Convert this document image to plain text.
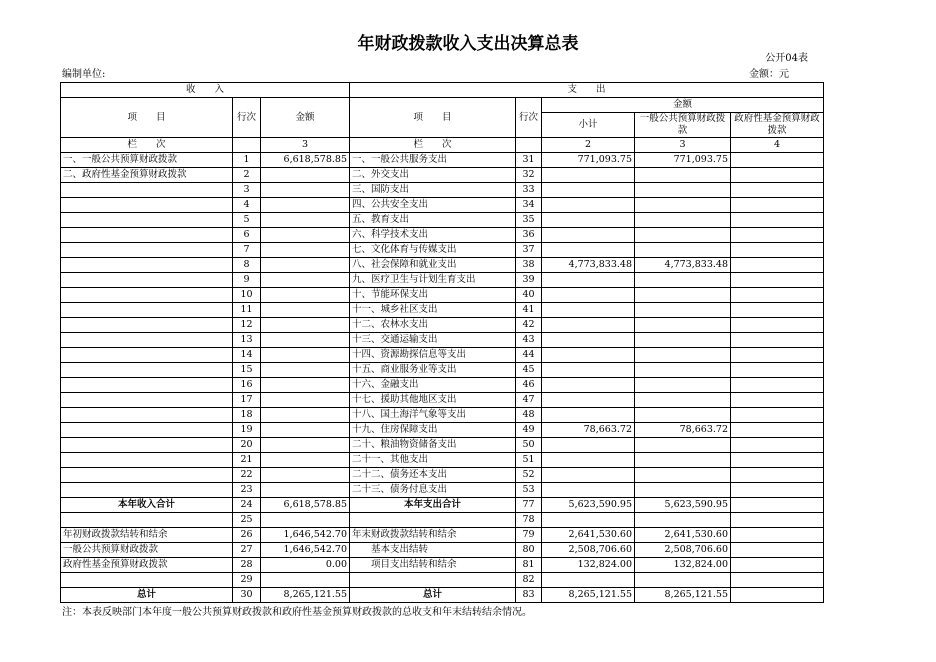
年财政拨款收入支出决算总表
公开04表
编制单位:	金额：元
收　　入			支　　出				
项　　目	行次	金额	项　　目	行次	金额		
					小计	一般公共预算财政拨款	政府性基金预算财政拨款

栏　　次		3	栏　　次		2	3	4
一、一般公共预算财政拨款	1	6,618,578.85	一、一般公共服务支出	31	771,093.75	771,093.75	
二、政府性基金预算财政拨款	2		二、外交支出	32			
	3		三、国防支出	33			
	4		四、公共安全支出	34			
	5		五、教育支出	35			
	6		六、科学技术支出	36			
	7		七、文化体育与传媒支出	37			
	8		八、社会保障和就业支出	38	4,773,833.48	4,773,833.48	
	9		九、医疗卫生与计划生育支出	39			
	10		十、节能环保支出	40			
	11		十一、城乡社区支出	41			
	12		十二、农林水支出	42			
	13		十三、交通运输支出	43			
	14		十四、资源勘探信息等支出	44			
	15		十五、商业服务业等支出	45			
	16		十六、金融支出	46			
	17		十七、援助其他地区支出	47			
	18		十八、国土海洋气象等支出	48			
	19		十九、住房保障支出	49	78,663.72	78,663.72	
	20		二十、粮油物资储备支出	50			
	21		二十一、其他支出	51			
	22		二十二、债务还本支出	52			
	23		二十三、债务付息支出	53			
本年收入合计	24	6,618,578.85	本年支出合计	77	5,623,590.95	5,623,590.95	
	25			78			
年初财政拨款结转和结余	26	1,646,542.70	年末财政拨款结转和结余	79	2,641,530.60	2,641,530.60	
一般公共预算财政拨款	27	1,646,542.70	　　基本支出结转	80	2,508,706.60	2,508,706.60	
政府性基金预算财政拨款	28	0.00	　　项目支出结转和结余	81	132,824.00	132,824.00	
	29			82			
总计	30	8,265,121.55	总计	83	8,265,121.55	8,265,121.55	
注：本表反映部门本年度一般公共预算财政拨款和政府性基金预算财政拨款的总收支和年末结转结余情况。
